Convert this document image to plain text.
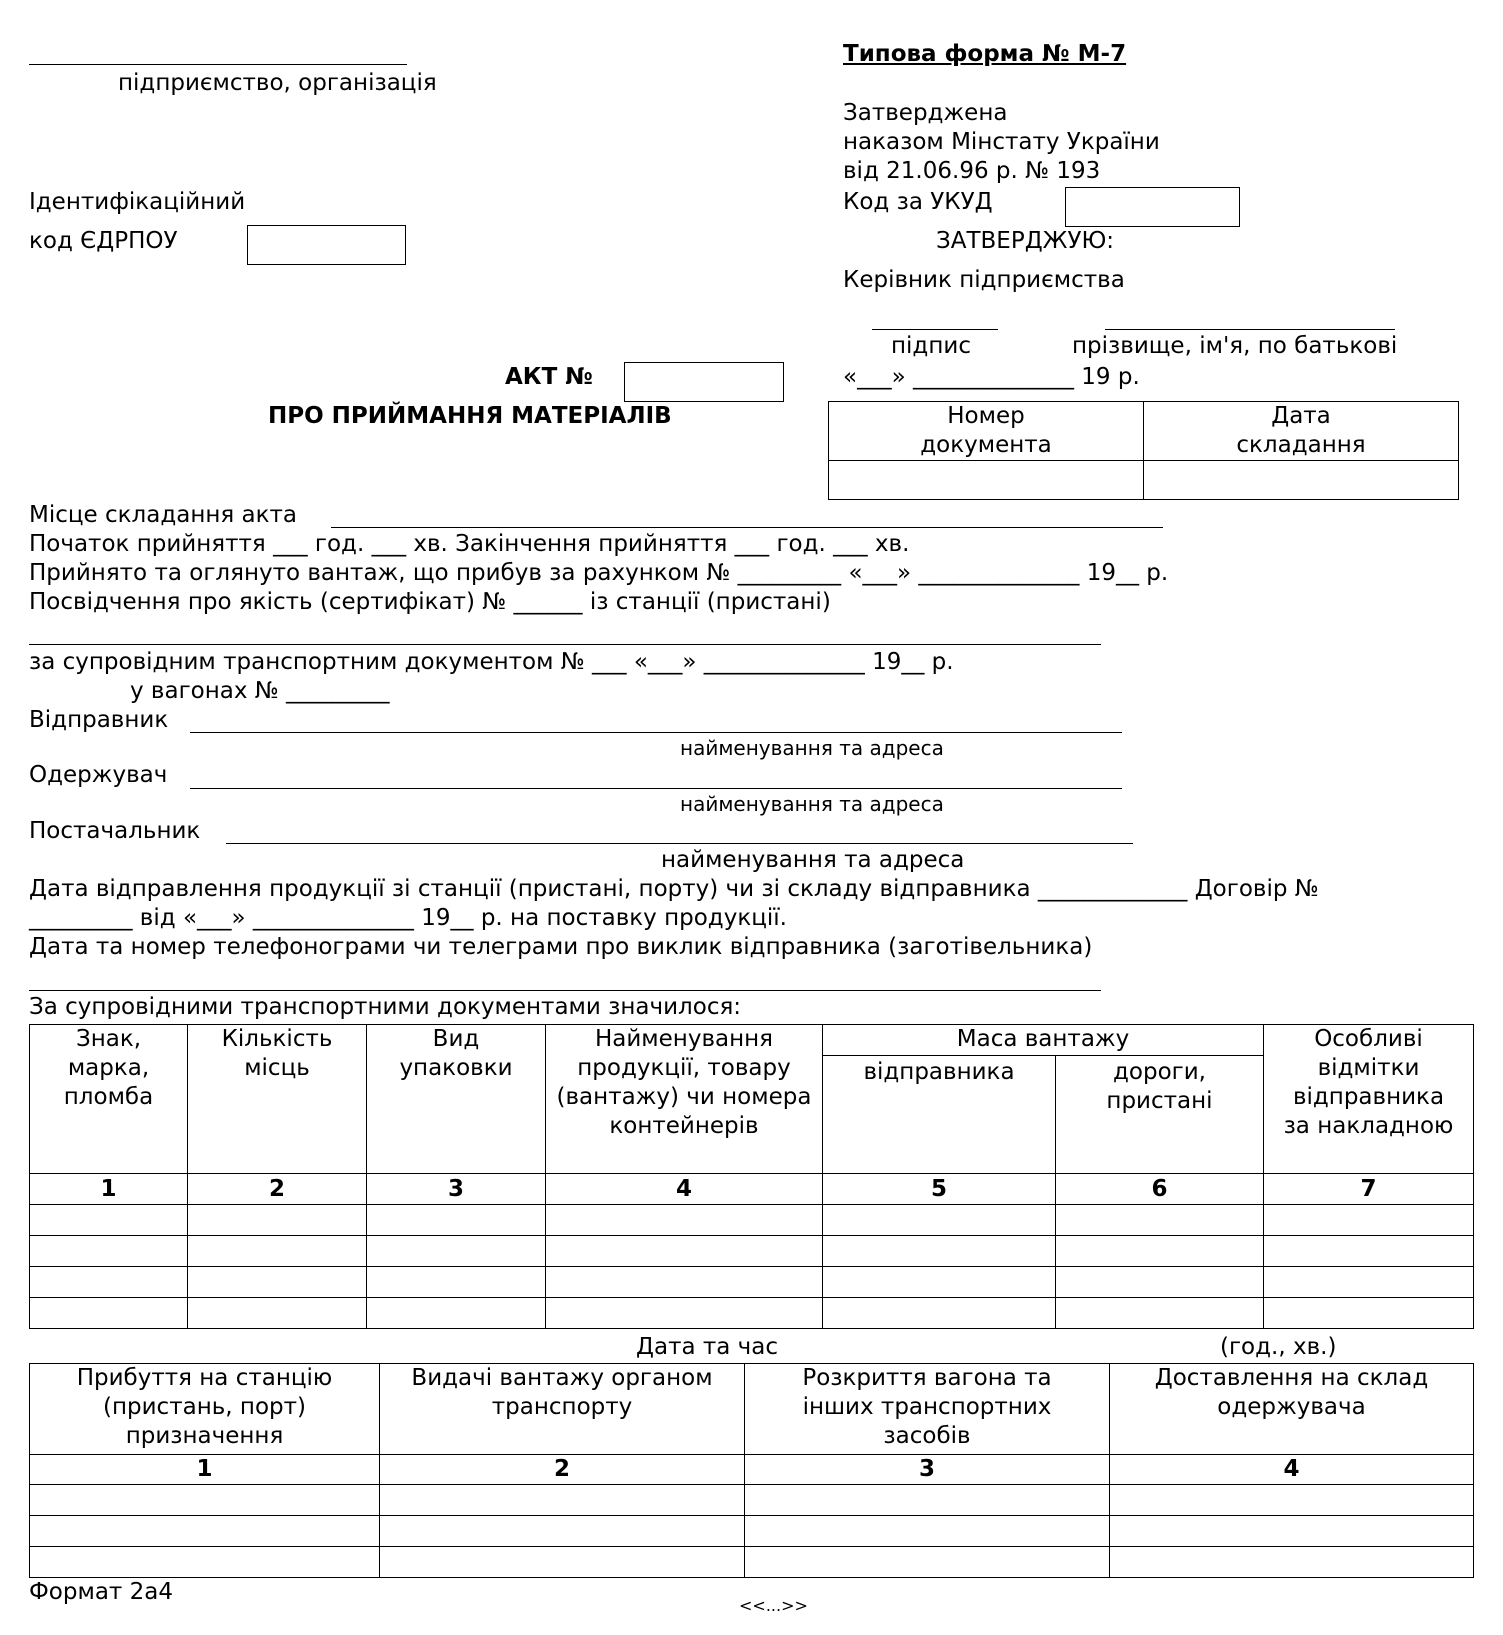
підприємство, організація
Ідентифікаційний
код ЄДРПОУ
Типова форма № М-7
Затверджена
наказом Мінстату України
від 21.06.96 р. № 193
Код за УКУД
ЗАТВЕРДЖУЮ:
Керівник підприємства
підпис	прізвище, ім'я, по батькові
«___» ______________ 19 р.
АКТ №
ПРО ПРИЙМАННЯ МАТЕРІАЛІВ	Номер документа	Дата складання

Місце складання акта
Початок прийняття ___ год. ___ хв. Закінчення прийняття ___ год. ___ хв.
Прийнято та оглянуто вантаж, що прибув за рахунком № _________ «___» ______________ 19__ р.
Посвідчення про якість (сертифікат) № ______ із станції (пристані)
за супровідним транспортним документом № ___ «___» ______________ 19__ р.
у вагонах № _________
Відправник
найменування та адреса
Одержувач
найменування та адреса
Постачальник
найменування та адреса
Дата відправлення продукції зі станції (пристані, порту) чи зі складу відправника _____________ Договір №
_________ від «___» ______________ 19__ р. на поставку продукції.
Дата та номер телефонограми чи телеграми про виклик відправника (заготівельника)
За супровідними транспортними документами значилося:
Знак, марка, пломба	Кількість місць	Вид упаковки	Найменування продукції, товару (вантажу) чи номера контейнерів	Маса вантажу		Особливі відмітки відправника за накладною
				відправника	дороги, пристані	
1	2	3	4	5	6	7

Дата та час	(год., хв.)
Прибуття на станцію (пристань, порт) призначення	Видачі вантажу органом транспорту	Розкриття вагона та інших транспортних засобів	Доставлення на склад одержувача
1	2	3	4

Формат 2а4
<<...>>
